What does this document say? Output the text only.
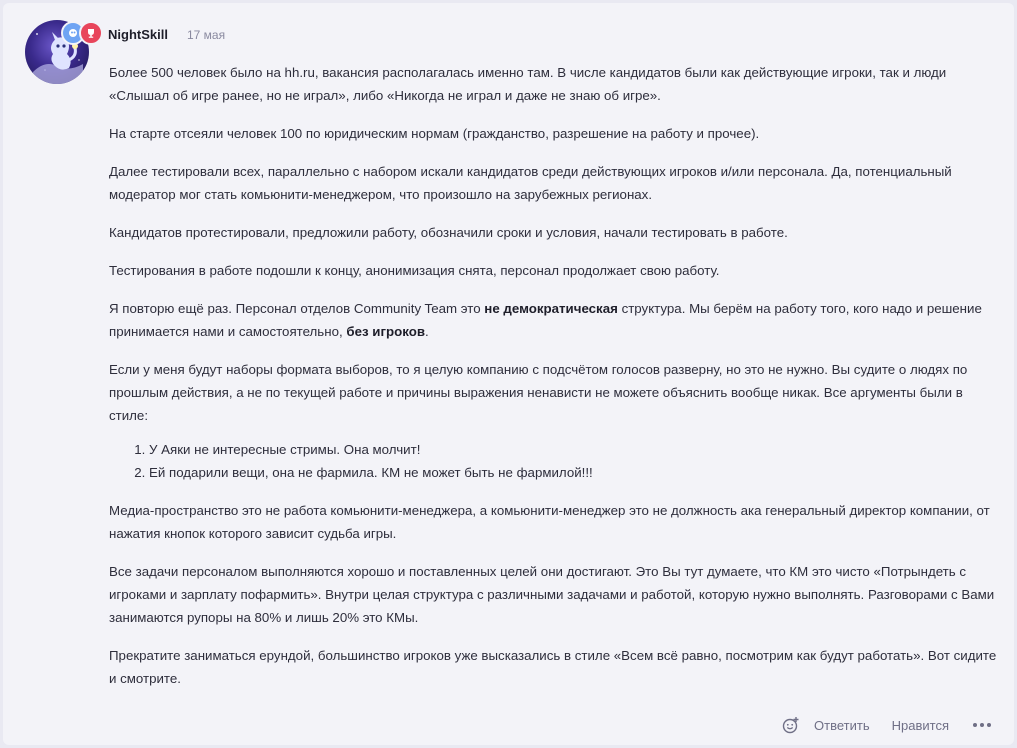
NightSkill 17 мая

Более 500 человек было на hh.ru, вакансия располагалась именно там. В числе кандидатов были как действующие игроки, так и люди «Слышал об игре ранее, но не играл», либо «Никогда не играл и даже не знаю об игре».

На старте отсеяли человек 100 по юридическим нормам (гражданство, разрешение на работу и прочее).

Далее тестировали всех, параллельно с набором искали кандидатов среди действующих игроков и/или персонала. Да, потенциальный модератор мог стать комьюнити-менеджером, что произошло на зарубежных регионах.

Кандидатов протестировали, предложили работу, обозначили сроки и условия, начали тестировать в работе.

Тестирования в работе подошли к концу, анонимизация снята, персонал продолжает свою работу.

Я повторю ещё раз. Персонал отделов Community Team это не демократическая структура. Мы берём на работу того, кого надо и решение принимается нами и самостоятельно, без игроков.

Если у меня будут наборы формата выборов, то я целую компанию с подсчётом голосов разверну, но это не нужно. Вы судите о людях по прошлым действия, а не по текущей работе и причины выражения ненависти не можете объяснить вообще никак. Все аргументы были в стиле:

1. У Аяки не интересные стримы. Она молчит!
2. Ей подарили вещи, она не фармила. КМ не может быть не фармилой!!!

Медиа-пространство это не работа комьюнити-менеджера, а комьюнити-менеджер это не должность ака генеральный директор компании, от нажатия кнопок которого зависит судьба игры.

Все задачи персоналом выполняются хорошо и поставленных целей они достигают. Это Вы тут думаете, что КМ это чисто «Потрындеть с игроками и зарплату пофармить». Внутри целая структура с различными задачами и работой, которую нужно выполнять. Разговорами с Вами занимаются рупоры на 80% и лишь 20% это КМы.

Прекратите заниматься ерундой, большинство игроков уже высказались в стиле «Всем всё равно, посмотрим как будут работать». Вот сидите и смотрите.

Ответить Нравится
